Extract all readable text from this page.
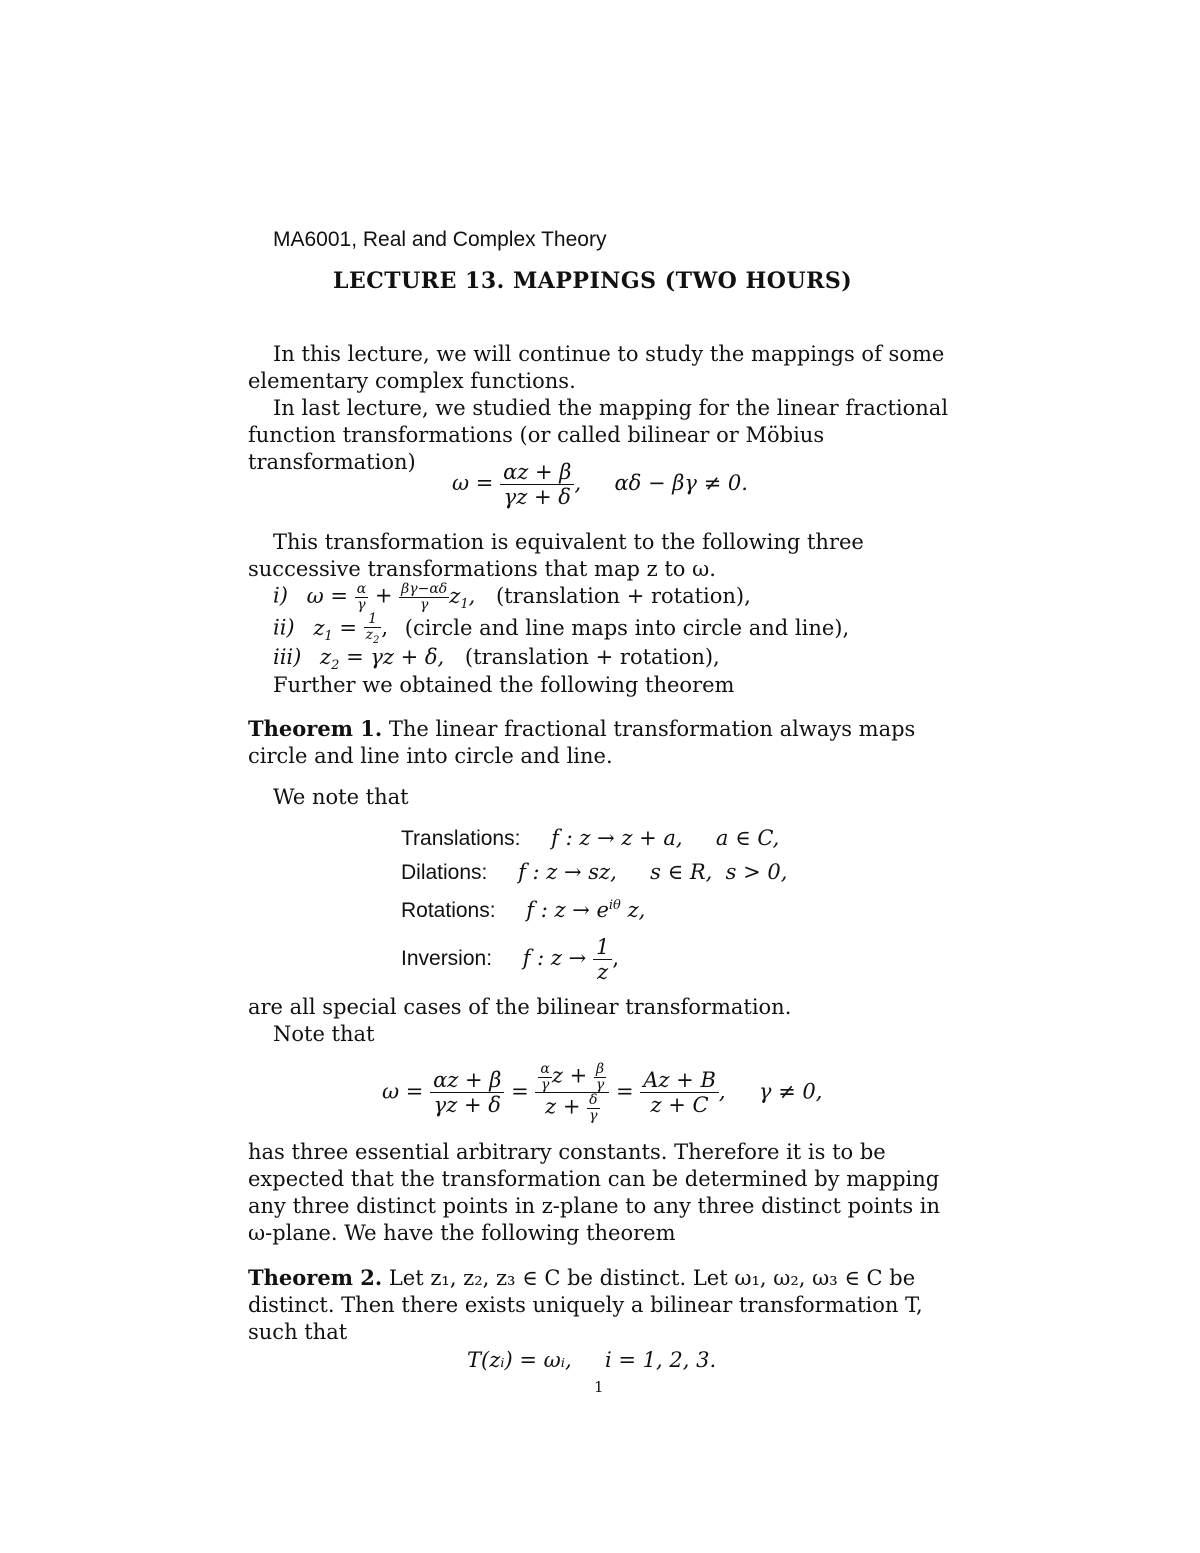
MA6001, Real and Complex Theory
LECTURE 13. MAPPINGS (TWO HOURS)
In this lecture, we will continue to study the mappings of some elementary complex functions.
In last lecture, we studied the mapping for the linear fractional function transformations (or called bilinear or Möbius transformation)
$\omega = \frac{\alpha z + \beta}{\gamma z + \delta}$ ,     αδ − βγ ≠ 0.
This transformation is equivalent to the following three successive transformations that map z to ω.
i) $\omega = \frac{\alpha}{\gamma} + \frac{\beta\gamma-\alpha\delta}{\gamma} z_1$, (translation + rotation),
ii) $z_1 = \frac{1}{z_2}$ , (circle and line maps into circle and line),
iii) $z_2 = \gamma z + \delta$, (translation + rotation),
Further we obtained the following theorem
Theorem 1. The linear fractional transformation always maps circle and line into circle and line.
We note that
Translations: f : z → z + a,     a ∈ C,
Dilations: f : z → sz,     s ∈ R,  s > 0,
Rotations: f : $z \to e^{i\theta}$ z,
Inversion: f : $z \to \frac{1}{z}$ ,
are all special cases of the bilinear transformation.
Note that
$\omega = \frac{\alpha z + \beta}{\gamma z + \delta} = \frac{\frac{\alpha}{\gamma} z + \frac{\beta}{\gamma}}{z + \frac{\delta}{\gamma}} = \frac{Az + B}{z + C}$ ,     γ ≠ 0,
has three essential arbitrary constants. Therefore it is to be expected that the transformation can be determined by mapping any three distinct points in z-plane to any three distinct points in ω-plane. We have the following theorem
Theorem 2. Let z₁, z₂, z₃ ∈ C be distinct. Let ω₁, ω₂, ω₃ ∈ C be distinct. Then there exists uniquely a bilinear transformation T, such that
T(zᵢ) = ωᵢ,     i = 1, 2, 3.
1
